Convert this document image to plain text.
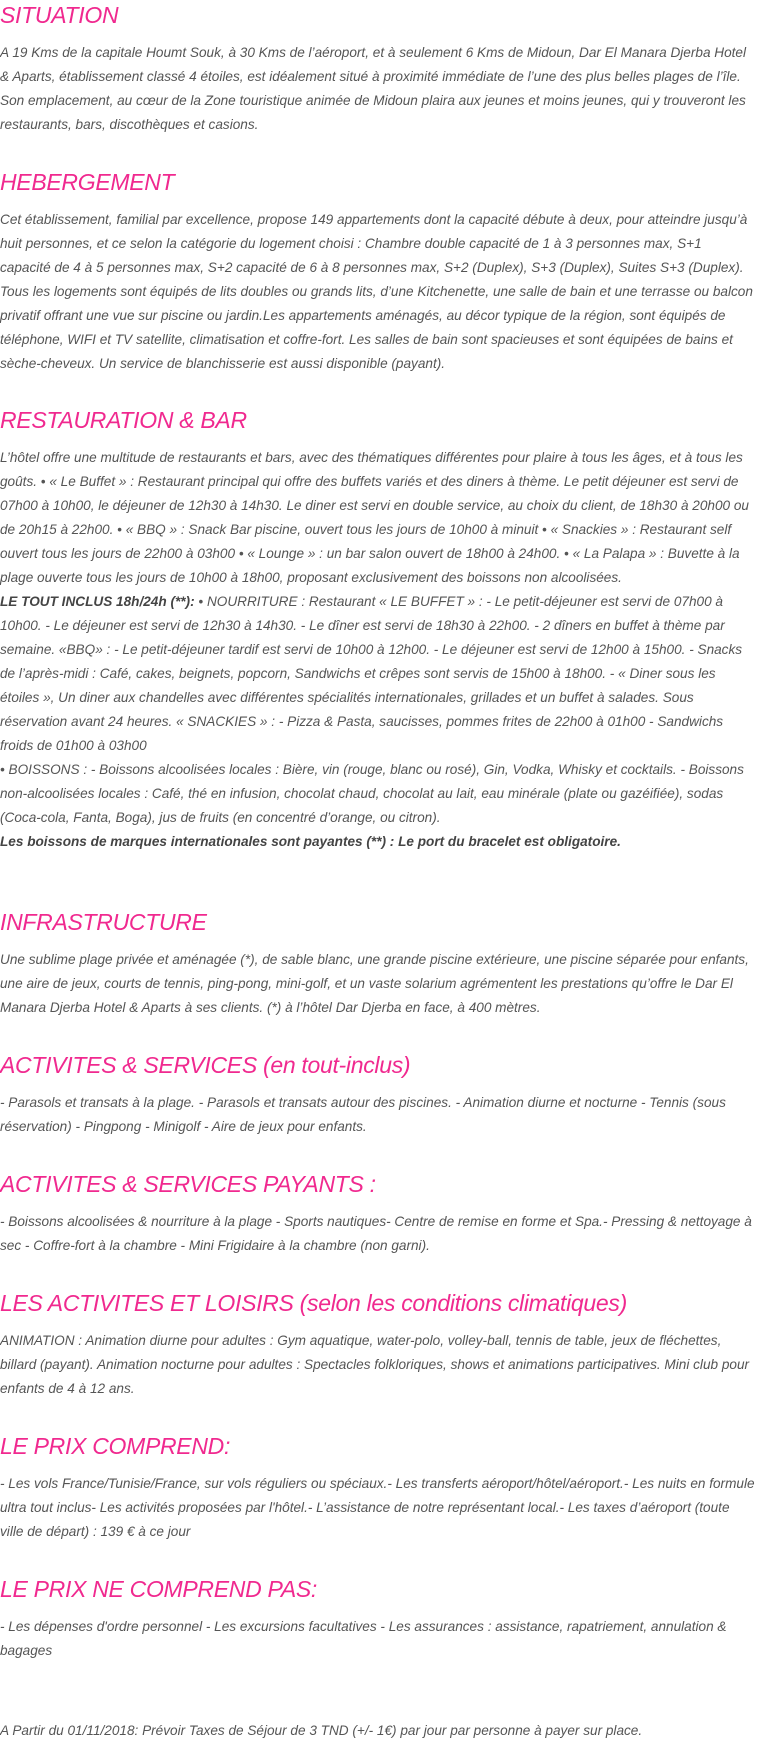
SITUATION

A 19 Kms de la capitale Houmt Souk, à 30 Kms de l’aéroport, et à seulement 6 Kms de Midoun, Dar El Manara Djerba Hotel & Aparts, établissement classé 4 étoiles, est idéalement situé à proximité immédiate de l’une des plus belles plages de l’île. Son emplacement, au cœur de la Zone touristique animée de Midoun plaira aux jeunes et moins jeunes, qui y trouveront les restaurants, bars, discothèques et casions.

HEBERGEMENT

Cet établissement, familial par excellence, propose 149 appartements dont la capacité débute à deux, pour atteindre jusqu’à huit personnes, et ce selon la catégorie du logement choisi : Chambre double capacité de 1 à 3 personnes max, S+1 capacité de 4 à 5 personnes max, S+2 capacité de 6 à 8 personnes max, S+2 (Duplex), S+3 (Duplex), Suites S+3 (Duplex). Tous les logements sont équipés de lits doubles ou grands lits, d’une Kitchenette, une salle de bain et une terrasse ou balcon privatif offrant une vue sur piscine ou jardin.Les appartements aménagés, au décor typique de la région, sont équipés de téléphone, WIFI et TV satellite, climatisation et coffre-fort. Les salles de bain sont spacieuses et sont équipées de bains et sèche-cheveux. Un service de blanchisserie est aussi disponible (payant).

RESTAURATION & BAR

L’hôtel offre une multitude de restaurants et bars, avec des thématiques différentes pour plaire à tous les âges, et à tous les goûts. • « Le Buffet » : Restaurant principal qui offre des buffets variés et des diners à thème. Le petit déjeuner est servi de 07h00 à 10h00, le déjeuner de 12h30 à 14h30. Le diner est servi en double service, au choix du client, de 18h30 à 20h00 ou de 20h15 à 22h00. • « BBQ » : Snack Bar piscine, ouvert tous les jours de 10h00 à minuit • « Snackies » : Restaurant self ouvert tous les jours de 22h00 à 03h00 • « Lounge » : un bar salon ouvert de 18h00 à 24h00. • « La Palapa » : Buvette à la plage ouverte tous les jours de 10h00 à 18h00, proposant exclusivement des boissons non alcoolisées.

LE TOUT INCLUS 18h/24h (**): • NOURRITURE : Restaurant « LE BUFFET » : - Le petit-déjeuner est servi de 07h00 à 10h00. - Le déjeuner est servi de 12h30 à 14h30. - Le dîner est servi de 18h30 à 22h00. - 2 dîners en buffet à thème par semaine. «BBQ» : - Le petit-déjeuner tardif est servi de 10h00 à 12h00. - Le déjeuner est servi de 12h00 à 15h00. - Snacks de l’après-midi : Café, cakes, beignets, popcorn, Sandwichs et crêpes sont servis de 15h00 à 18h00. - « Diner sous les étoiles », Un diner aux chandelles avec différentes spécialités internationales, grillades et un buffet à salades. Sous réservation avant 24 heures. « SNACKIES » : - Pizza & Pasta, saucisses, pommes frites de 22h00 à 01h00 - Sandwichs froids de 01h00 à 03h00

• BOISSONS : - Boissons alcoolisées locales : Bière, vin (rouge, blanc ou rosé), Gin, Vodka, Whisky et cocktails. - Boissons non-alcoolisées locales : Café, thé en infusion, chocolat chaud, chocolat au lait, eau minérale (plate ou gazéifiée), sodas (Coca-cola, Fanta, Boga), jus de fruits (en concentré d’orange, ou citron).

Les boissons de marques internationales sont payantes (**) : Le port du bracelet est obligatoire.

INFRASTRUCTURE

Une sublime plage privée et aménagée (*), de sable blanc, une grande piscine extérieure, une piscine séparée pour enfants, une aire de jeux, courts de tennis, ping-pong, mini-golf, et un vaste solarium agrémentent les prestations qu’offre le Dar El Manara Djerba Hotel & Aparts à ses clients. (*) à l’hôtel Dar Djerba en face, à 400 mètres.

ACTIVITES & SERVICES (en tout-inclus)

- Parasols et transats à la plage. - Parasols et transats autour des piscines. - Animation diurne et nocturne - Tennis (sous réservation) - Pingpong - Minigolf - Aire de jeux pour enfants.

ACTIVITES & SERVICES PAYANTS :

- Boissons alcoolisées & nourriture à la plage - Sports nautiques- Centre de remise en forme et Spa.- Pressing & nettoyage à sec - Coffre-fort à la chambre - Mini Frigidaire à la chambre (non garni).

LES ACTIVITES ET LOISIRS (selon les conditions climatiques)

ANIMATION : Animation diurne pour adultes : Gym aquatique, water-polo, volley-ball, tennis de table, jeux de fléchettes, billard (payant). Animation nocturne pour adultes : Spectacles folkloriques, shows et animations participatives. Mini club pour enfants de 4 à 12 ans.

LE PRIX COMPREND:

- Les vols France/Tunisie/France, sur vols réguliers ou spéciaux.- Les transferts aéroport/hôtel/aéroport.- Les nuits en formule ultra tout inclus- Les activités proposées par l'hôtel.- L’assistance de notre représentant local.- Les taxes d’aéroport (toute ville de départ) : 139 € à ce jour

LE PRIX NE COMPREND PAS:

- Les dépenses d'ordre personnel - Les excursions facultatives - Les assurances : assistance, rapatriement, annulation & bagages

A Partir du 01/11/2018: Prévoir Taxes de Séjour de 3 TND (+/- 1€) par jour par personne à payer sur place.
